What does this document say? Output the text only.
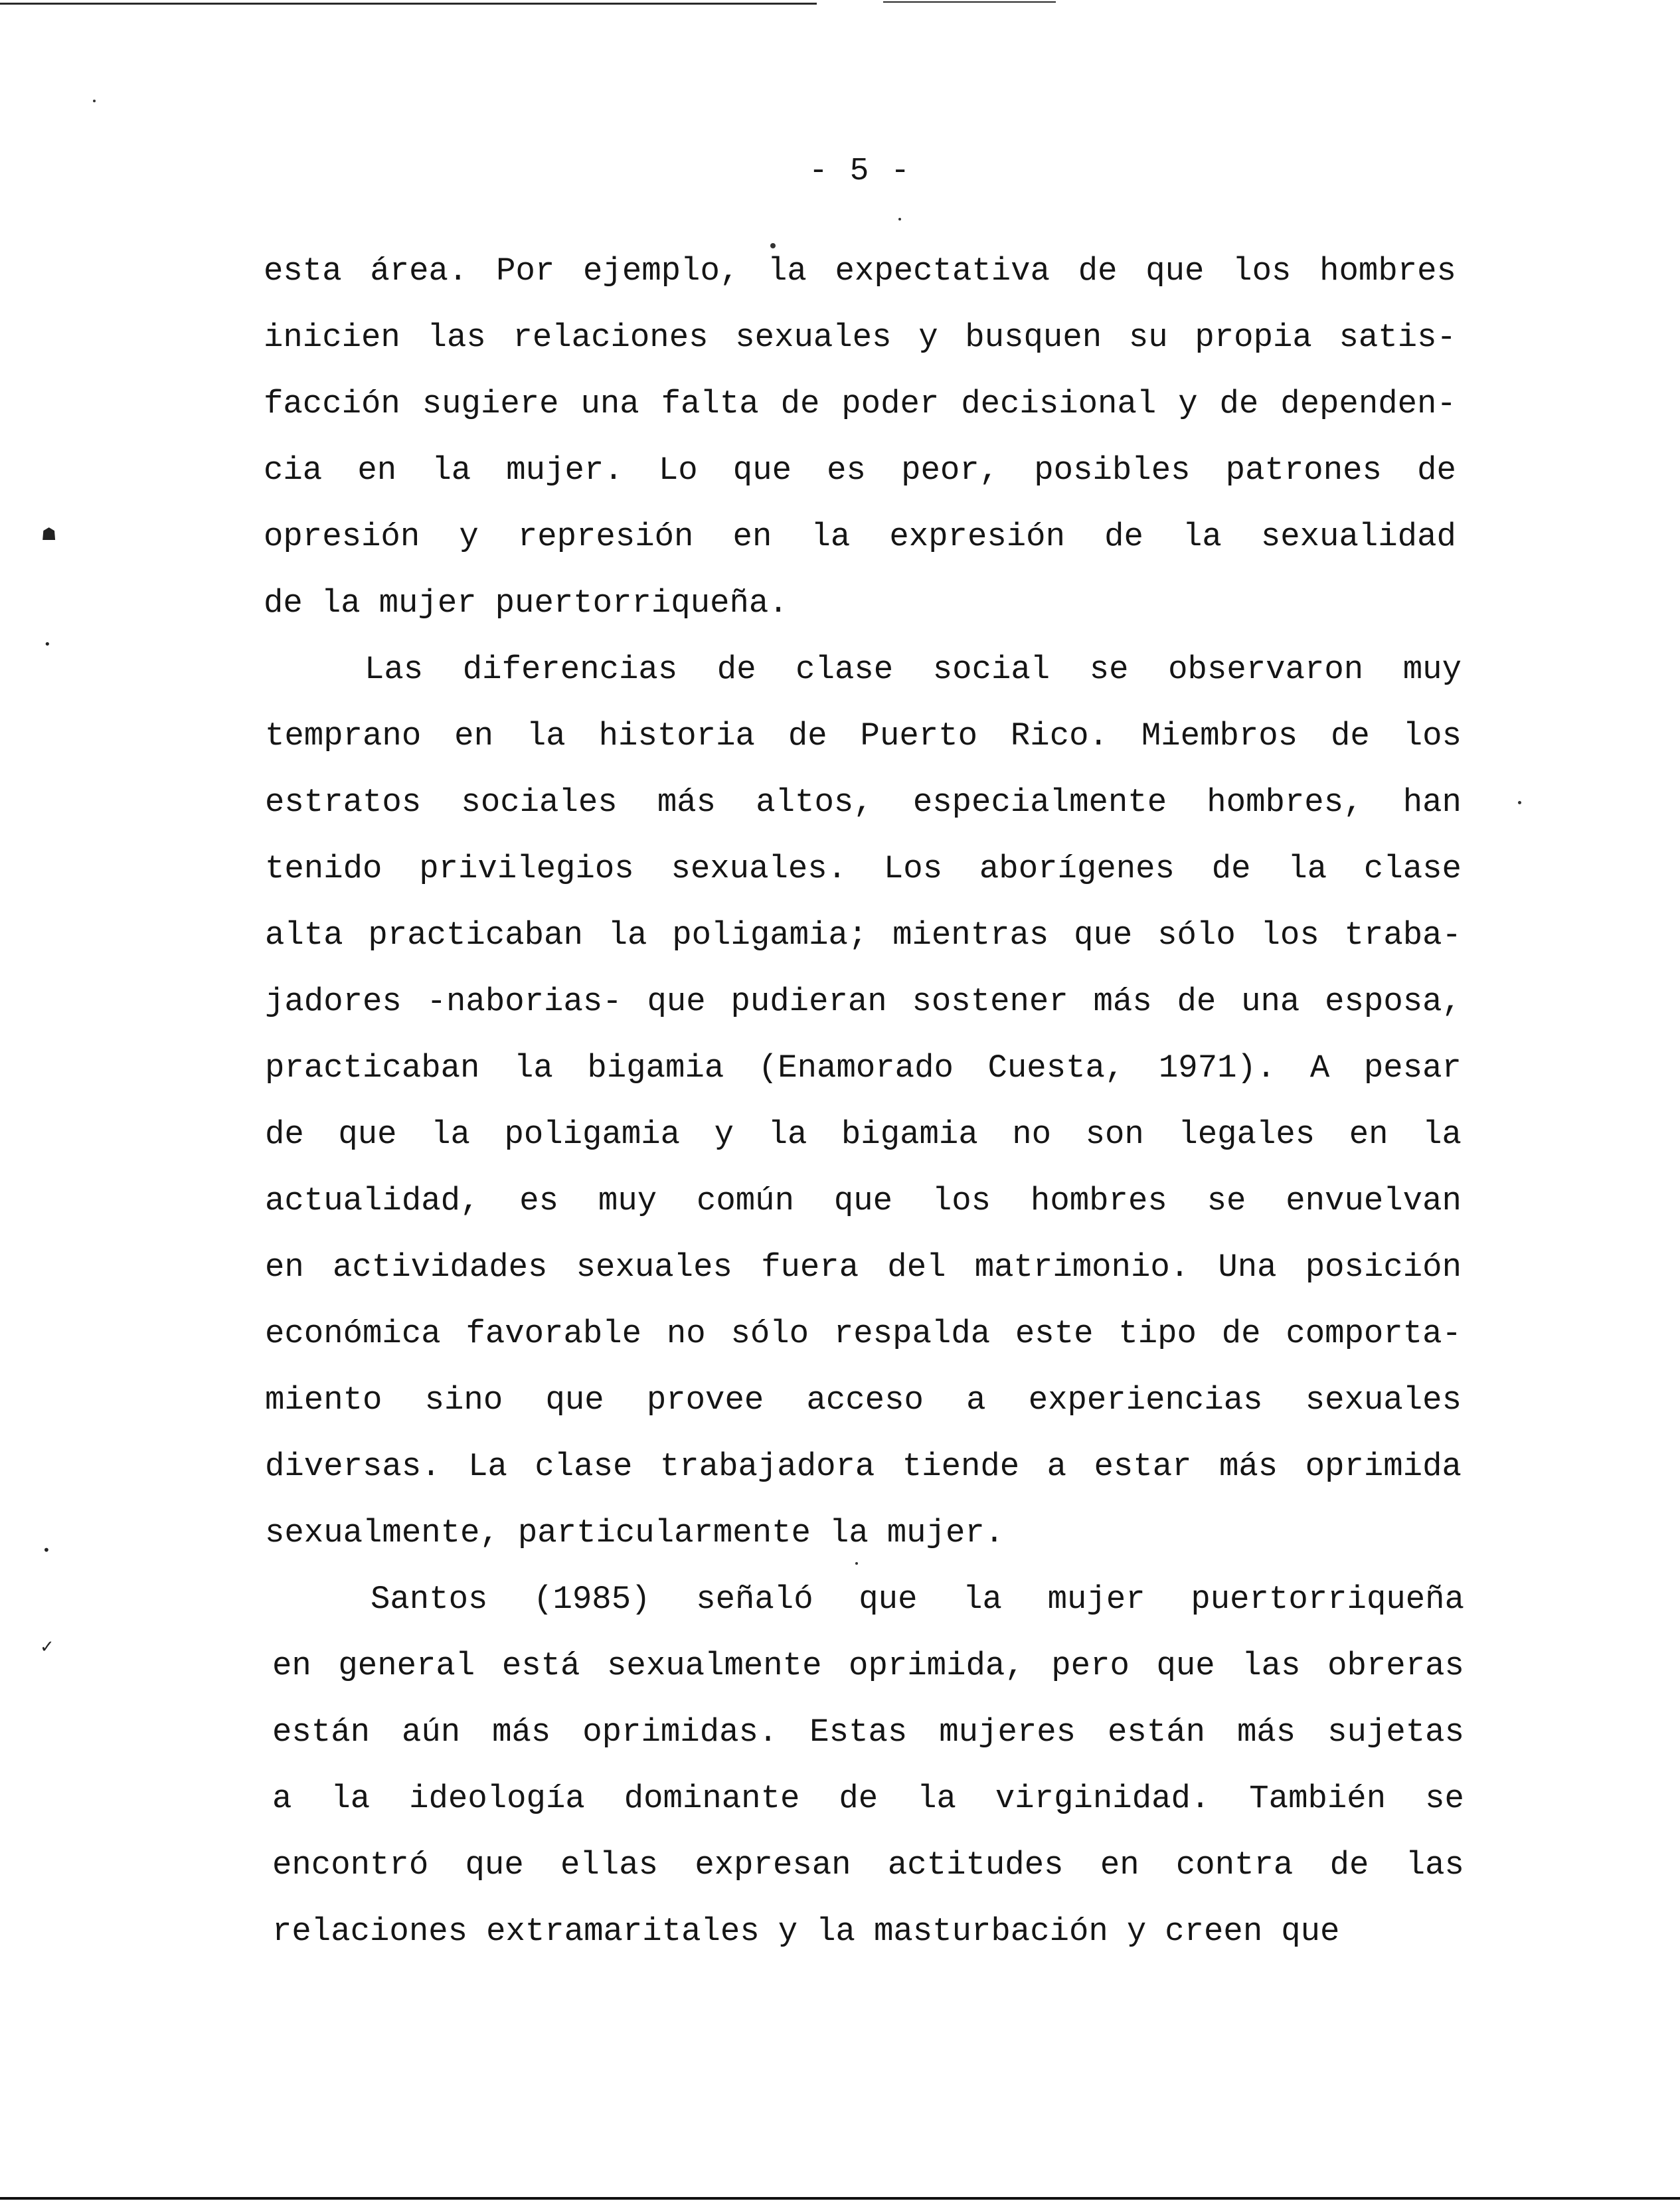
- 5 -
esta área. Por ejemplo, la expectativa de que los hombres
inicien las relaciones sexuales y busquen su propia satis-
facción sugiere una falta de poder decisional y de dependen-
cia en la mujer. Lo que es peor, posibles patrones de
opresión y represión en la expresión de la sexualidad
de la mujer puertorriqueña.
Las diferencias de clase social se observaron muy
temprano en la historia de Puerto Rico. Miembros de los
estratos sociales más altos, especialmente hombres, han
tenido privilegios sexuales. Los aborígenes de la clase
alta practicaban la poligamia; mientras que sólo los traba-
jadores -naborias- que pudieran sostener más de una esposa,
practicaban la bigamia (Enamorado Cuesta, 1971). A pesar
de que la poligamia y la bigamia no son legales en la
actualidad, es muy común que los hombres se envuelvan
en actividades sexuales fuera del matrimonio. Una posición
económica favorable no sólo respalda este tipo de comporta-
miento sino que provee acceso a experiencias sexuales
diversas. La clase trabajadora tiende a estar más oprimida
sexualmente, particularmente la mujer.
Santos (1985) señaló que la mujer puertorriqueña
en general está sexualmente oprimida, pero que las obreras
están aún más oprimidas. Estas mujeres están más sujetas
a la ideología dominante de la virginidad. También se
encontró que ellas expresan actitudes en contra de las
relaciones extramaritales y la masturbación y creen que
☗
•
•
✓
